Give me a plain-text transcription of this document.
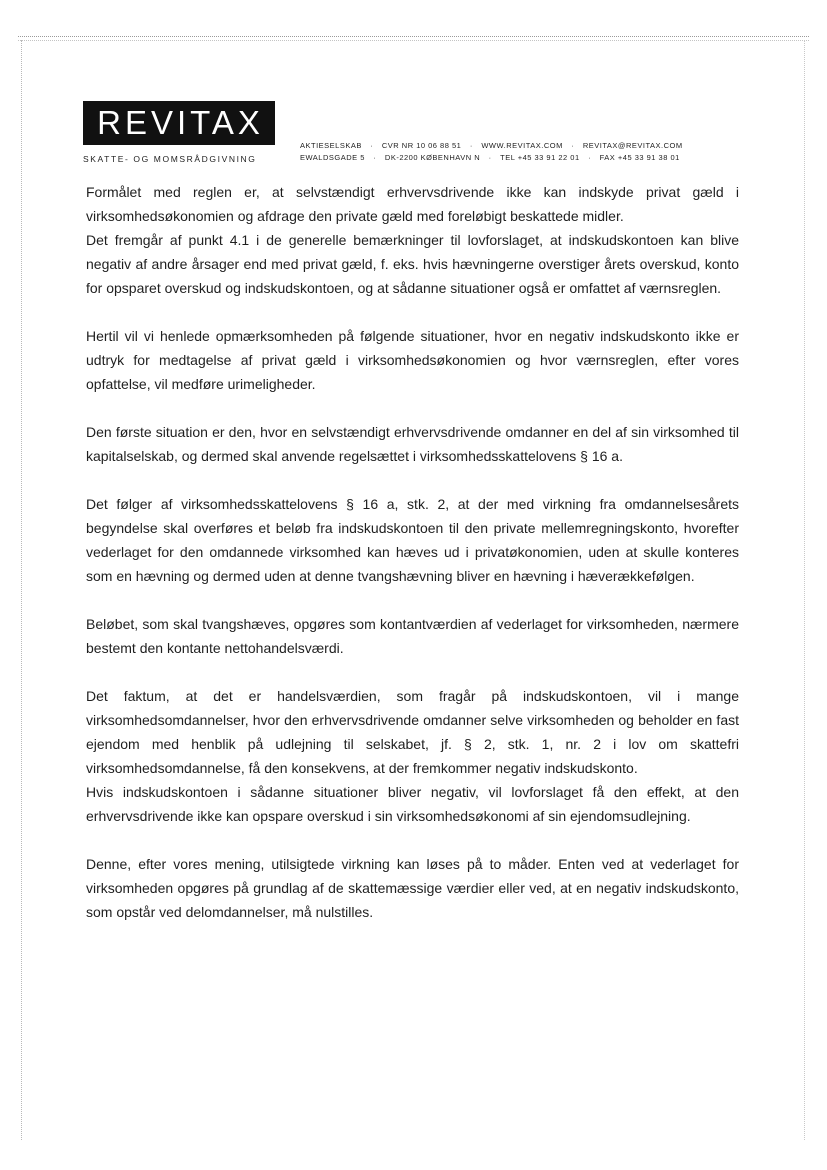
REVITAX
SKATTE- OG MOMSRÅDGIVNING
AKTIESELSKAB · CVR NR 10 06 88 51 · WWW.REVITAX.COM · REVITAX@REVITAX.COM
EWALDSGADE 5 · DK-2200 KØBENHAVN N · TEL +45 33 91 22 01 · FAX +45 33 91 38 01

Formålet med reglen er, at selvstændigt erhvervsdrivende ikke kan indskyde privat gæld i virksomhedsøkonomien og afdrage den private gæld med foreløbigt beskattede midler.

Det fremgår af punkt 4.1 i de generelle bemærkninger til lovforslaget, at indskudskontoen kan blive negativ af andre årsager end med privat gæld, f. eks. hvis hævningerne overstiger årets overskud, konto for opsparet overskud og indskudskontoen, og at sådanne situationer også er omfattet af værnsreglen.

Hertil vil vi henlede opmærksomheden på følgende situationer, hvor en negativ indskudskonto ikke er udtryk for medtagelse af privat gæld i virksomhedsøkonomien og hvor værnsreglen, efter vores opfattelse, vil medføre urimeligheder.

Den første situation er den, hvor en selvstændigt erhvervsdrivende omdanner en del af sin virksomhed til kapitalselskab, og dermed skal anvende regelsættet i virksomhedsskattelovens § 16 a.

Det følger af virksomhedsskattelovens § 16 a, stk. 2, at der med virkning fra omdannelsesårets begyndelse skal overføres et beløb fra indskudskontoen til den private mellemregningskonto, hvorefter vederlaget for den omdannede virksomhed kan hæves ud i privatøkonomien, uden at skulle konteres som en hævning og dermed uden at denne tvangshævning bliver en hævning i hæverækkefølgen.

Beløbet, som skal tvangshæves, opgøres som kontantværdien af vederlaget for virksomheden, nærmere bestemt den kontante nettohandelsværdi.

Det faktum, at det er handelsværdien, som fragår på indskudskontoen, vil i mange virksomhedsomdannelser, hvor den erhvervsdrivende omdanner selve virksomheden og beholder en fast ejendom med henblik på udlejning til selskabet, jf. § 2, stk. 1, nr. 2 i lov om skattefri virksomhedsomdannelse, få den konsekvens, at der fremkommer negativ indskudskonto.

Hvis indskudskontoen i sådanne situationer bliver negativ, vil lovforslaget få den effekt, at den erhvervsdrivende ikke kan opspare overskud i sin virksomhedsøkonomi af sin ejendomsudlejning.

Denne, efter vores mening, utilsigtede virkning kan løses på to måder. Enten ved at vederlaget for virksomheden opgøres på grundlag af de skattemæssige værdier eller ved, at en negativ indskudskonto, som opstår ved delomdannelser, må nulstilles.
